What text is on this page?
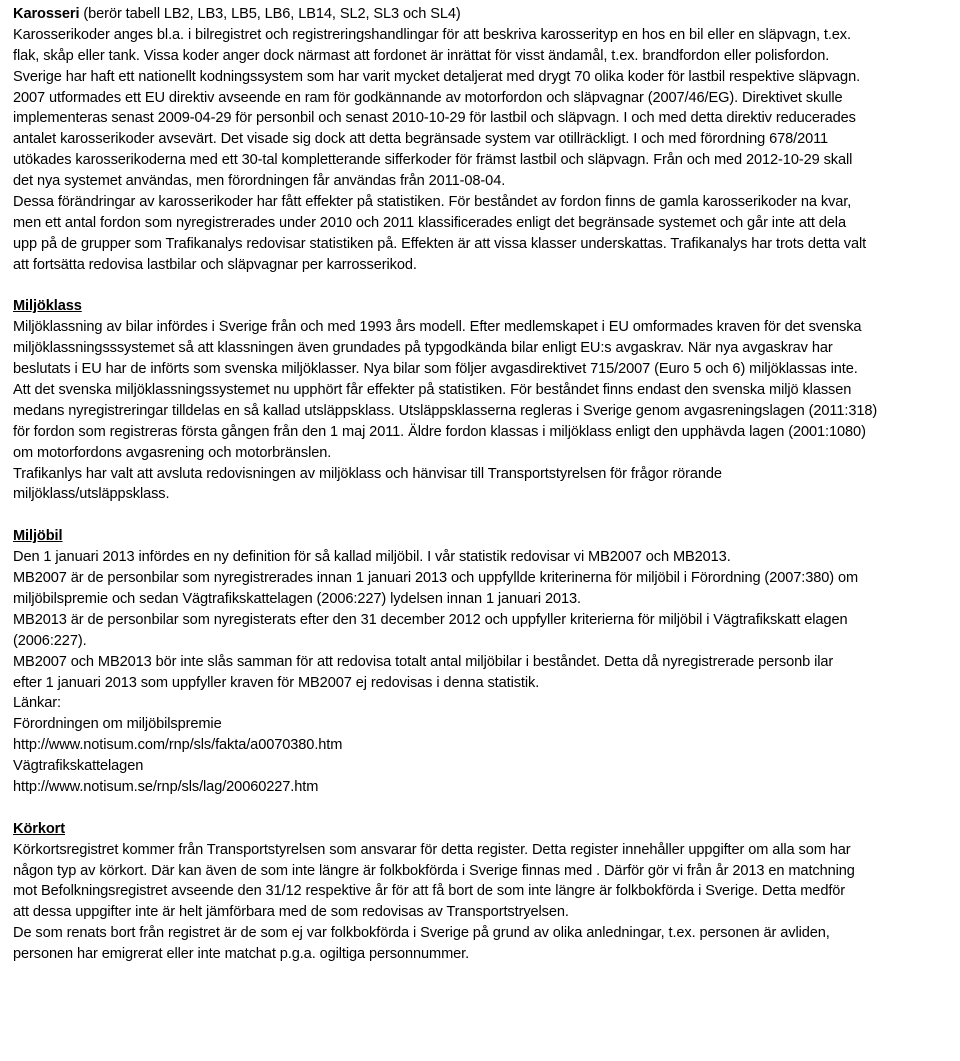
Karosseri (berör tabell LB2, LB3, LB5, LB6, LB14, SL2, SL3 och SL4)
Karosserikoder anges bl.a. i bilregistret och registreringshandlingar för att beskriva karosserityp en hos en bil eller en släpvagn, t.ex.
flak, skåp eller tank. Vissa koder anger dock närmast att fordonet är inrättat för visst ändamål, t.ex. brandfordon eller polisfordon.
Sverige har haft ett nationellt kodningssystem som har varit mycket detaljerat med drygt 70 olika koder för lastbil respektive släpvagn.
2007 utformades ett EU direktiv avseende en ram för godkännande av motorfordon och släpvagnar (2007/46/EG). Direktivet skulle
implementeras senast 2009-04-29 för personbil och senast 2010-10-29 för lastbil och släpvagn. I och med detta direktiv reducerades
antalet karosserikoder avsevärt. Det visade sig dock att detta begränsade system var otillräckligt. I och med förordning 678/2011
utökades karosserikoderna med ett 30-tal kompletterande sifferkoder för främst lastbil och släpvagn. Från och med 2012-10-29 skall
det nya systemet användas, men förordningen får användas från 2011-08-04.
Dessa förändringar av karosserikoder har fått effekter på statistiken. För beståndet av fordon finns de gamla karosserikoder na kvar,
men ett antal fordon som nyregistrerades under 2010 och 2011 klassificerades enligt det begränsade systemet och går inte att dela
upp på de grupper som Trafikanalys redovisar statistiken på. Effekten är att vissa klasser underskattas. Trafikanalys har trots detta valt
att fortsätta redovisa lastbilar och släpvagnar per karrosserikod.
Miljöklass
Miljöklassning av bilar infördes i Sverige från och med 1993 års modell. Efter medlemskapet i EU omformades kraven för det svenska
miljöklassningsssystemet så att klassningen även grundades på typgodkända bilar enligt EU:s avgaskrav. När nya avgaskrav har
beslutats i EU har de införts som svenska miljöklasser. Nya bilar som följer avgasdirektivet 715/2007 (Euro 5 och 6) miljöklassas inte.
Att det svenska miljöklassningssystemet nu upphört får effekter på statistiken. För beståndet finns endast den svenska miljö klassen
medans nyregistreringar tilldelas en så kallad utsläppsklass. Utsläppsklasserna regleras i Sverige genom avgasreningslagen (2011:318)
för fordon som registreras första gången från den 1 maj 2011. Äldre fordon klassas i miljöklass enligt den upphävda lagen (2001:1080)
om motorfordons avgasrening och motorbränslen.
Trafikanlys har valt att avsluta redovisningen av miljöklass och hänvisar till Transportstyrelsen för frågor rörande
miljöklass/utsläppsklass.
Miljöbil
Den 1 januari 2013 infördes en ny definition för så kallad miljöbil. I vår statistik redovisar vi MB2007 och MB2013.
MB2007 är de personbilar som nyregistrerades innan 1 januari 2013 och uppfyllde kriterinerna för miljöbil i Förordning (2007:380) om
miljöbilspremie och sedan Vägtrafikskattelagen (2006:227) lydelsen innan 1 januari 2013.
MB2013 är de personbilar som nyregisterats efter den 31 december 2012 och uppfyller kriterierna för miljöbil i Vägtrafikskatt elagen
(2006:227).
MB2007 och MB2013 bör inte slås samman för att redovisa totalt antal miljöbilar i beståndet. Detta då nyregistrerade personb ilar
efter 1 januari 2013 som uppfyller kraven för MB2007 ej redovisas i denna statistik.
Länkar:
Förordningen om miljöbilspremie
http://www.notisum.com/rnp/sls/fakta/a0070380.htm
Vägtrafikskattelagen
http://www.notisum.se/rnp/sls/lag/20060227.htm
Körkort
Körkortsregistret kommer från Transportstyrelsen som ansvarar för detta register. Detta register innehåller uppgifter om alla som har
någon typ av körkort. Där kan även de som inte längre är folkbokförda i Sverige finnas med . Därför gör vi från år 2013 en matchning
mot Befolkningsregistret avseende den 31/12 respektive år för att få bort de som inte längre är folkbokförda i Sverige. Detta medför
att dessa uppgifter inte är helt jämförbara med de som redovisas av Transportstryelsen.
De som renats bort från registret är de som ej var folkbokförda i Sverige på grund av olika anledningar, t.ex. personen är avliden,
personen har emigrerat eller inte matchat p.g.a. ogiltiga personnummer.
